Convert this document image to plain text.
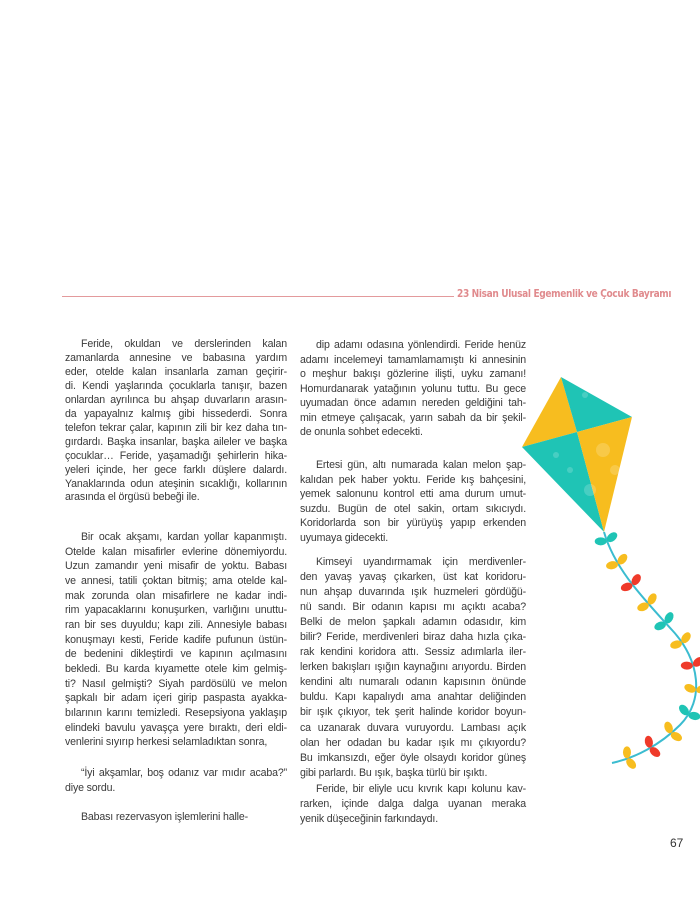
23 Nisan Ulusal Egemenlik ve Çocuk Bayramı
Feride, okuldan ve derslerinden kalan
zamanlarda annesine ve babasına yardım
eder, otelde kalan insanlarla zaman geçirir-
di. Kendi yaşlarında çocuklarla tanışır, bazen
onlardan ayrılınca bu ahşap duvarların arasın-
da yapayalnız kalmış gibi hissederdi. Sonra
telefon tekrar çalar, kapının zili bir kez daha tın-
gırdardı. Başka insanlar, başka aileler ve başka
çocuklar… Feride, yaşamadığı şehirlerin hika-
yeleri içinde, her gece farklı düşlere dalardı.
Yanaklarında odun ateşinin sıcaklığı, kollarının
arasında el örgüsü bebeği ile.
Bir ocak akşamı, kardan yollar kapanmıştı.
Otelde kalan misafirler evlerine dönemiyordu.
Uzun zamandır yeni misafir de yoktu. Babası
ve annesi, tatili çoktan bitmiş; ama otelde kal-
mak zorunda olan misafirlere ne kadar indi-
rim yapacaklarını konuşurken, varlığını unuttu-
ran bir ses duyuldu; kapı zili. Annesiyle babası
konuşmayı kesti, Feride kadife pufunun üstün-
de bedenini dikleştirdi ve kapının açılmasını
bekledi. Bu karda kıyamette otele kim gelmiş-
ti? Nasıl gelmişti? Siyah pardösülü ve melon
şapkalı bir adam içeri girip paspasta ayakka-
bılarının karını temizledi. Resepsiyona yaklaşıp
elindeki bavulu yavaşça yere bıraktı, deri eldi-
venlerini sıyırıp herkesi selamladıktan sonra,
“İyi akşamlar, boş odanız var mıdır acaba?”
diye sordu.
Babası rezervasyon işlemlerini halle-
dip adamı odasına yönlendirdi. Feride henüz
adamı incelemeyi tamamlamamıştı ki annesinin
o meşhur bakışı gözlerine ilişti, uyku zamanı!
Homurdanarak yatağının yolunu tuttu. Bu gece
uyumadan önce adamın nereden geldiğini tah-
min etmeye çalışacak, yarın sabah da bir şekil-
de onunla sohbet edecekti.
Ertesi gün, altı numarada kalan melon şap-
kalıdan pek haber yoktu. Feride kış bahçesini,
yemek salonunu kontrol etti ama durum umut-
suzdu. Bugün de otel sakin, ortam sıkıcıydı.
Koridorlarda son bir yürüyüş yapıp erkenden
uyumaya gidecekti.
Kimseyi uyandırmamak için merdivenler-
den yavaş yavaş çıkarken, üst kat koridoru-
nun ahşap duvarında ışık huzmeleri gördüğü-
nü sandı. Bir odanın kapısı mı açıktı acaba?
Belki de melon şapkalı adamın odasıdır, kim
bilir? Feride, merdivenleri biraz daha hızla çıka-
rak kendini koridora attı. Sessiz adımlarla iler-
lerken bakışları ışığın kaynağını arıyordu. Birden
kendini altı numaralı odanın kapısının önünde
buldu. Kapı kapalıydı ama anahtar deliğinden
bir ışık çıkıyor, tek şerit halinde koridor boyun-
ca uzanarak duvara vuruyordu. Lambası açık
olan her odadan bu kadar ışık mı çıkıyordu?
Bu imkansızdı, eğer öyle olsaydı koridor güneş
gibi parlardı. Bu ışık, başka türlü bir ışıktı.
Feride, bir eliyle ucu kıvrık kapı kolunu kav-
rarken, içinde dalga dalga uyanan meraka
yenik düşeceğinin farkındaydı.
67
